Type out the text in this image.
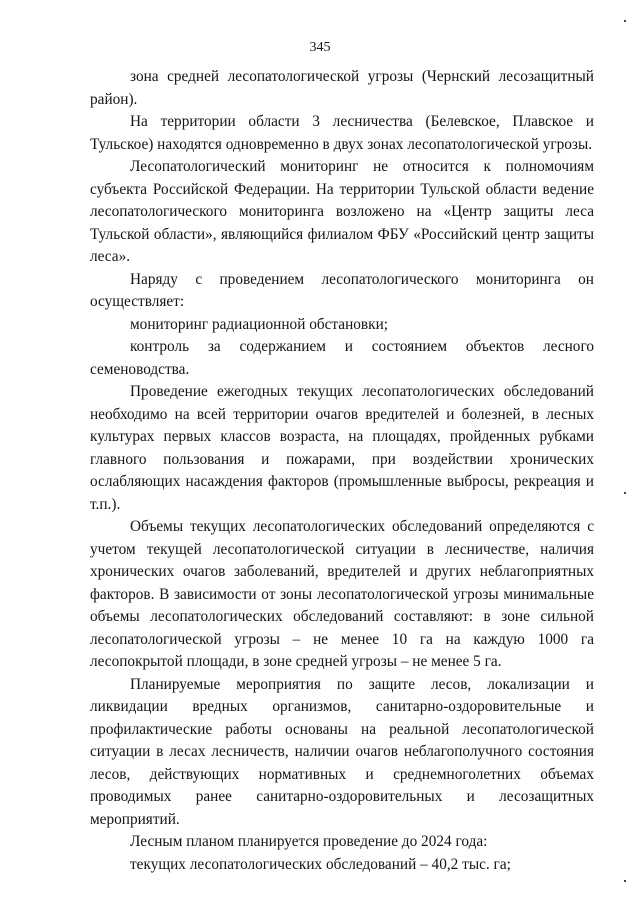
345

зона средней лесопатологической угрозы (Чернский лесозащитный район).

На территории области 3 лесничества (Белевское, Плавское и Тульское) находятся одновременно в двух зонах лесопатологической угрозы.

Лесопатологический мониторинг не относится к полномочиям субъекта Российской Федерации. На территории Тульской области ведение лесопатологического мониторинга возложено на «Центр защиты леса Тульской области», являющийся филиалом ФБУ «Российский центр защиты леса».

Наряду с проведением лесопатологического мониторинга он осуществляет:

мониторинг радиационной обстановки;

контроль за содержанием и состоянием объектов лесного семеноводства.

Проведение ежегодных текущих лесопатологических обследований необходимо на всей территории очагов вредителей и болезней, в лесных культурах первых классов возраста, на площадях, пройденных рубками главного пользования и пожарами, при воздействии хронических ослабляющих насаждения факторов (промышленные выбросы, рекреация и т.п.).

Объемы текущих лесопатологических обследований определяются с учетом текущей лесопатологической ситуации в лесничестве, наличия хронических очагов заболеваний, вредителей и других неблагоприятных факторов. В зависимости от зоны лесопатологической угрозы минимальные объемы лесопатологических обследований составляют: в зоне сильной лесопатологической угрозы – не менее 10 га на каждую 1000 га лесопокрытой площади, в зоне средней угрозы – не менее 5 га.

Планируемые мероприятия по защите лесов, локализации и ликвидации вредных организмов, санитарно-оздоровительные и профилактические работы основаны на реальной лесопатологической ситуации в лесах лесничеств, наличии очагов неблагополучного состояния лесов, действующих нормативных и среднемноголетних объемах проводимых ранее санитарно-оздоровительных и лесозащитных мероприятий.

Лесным планом планируется проведение до 2024 года:

текущих лесопатологических обследований – 40,2 тыс. га;
